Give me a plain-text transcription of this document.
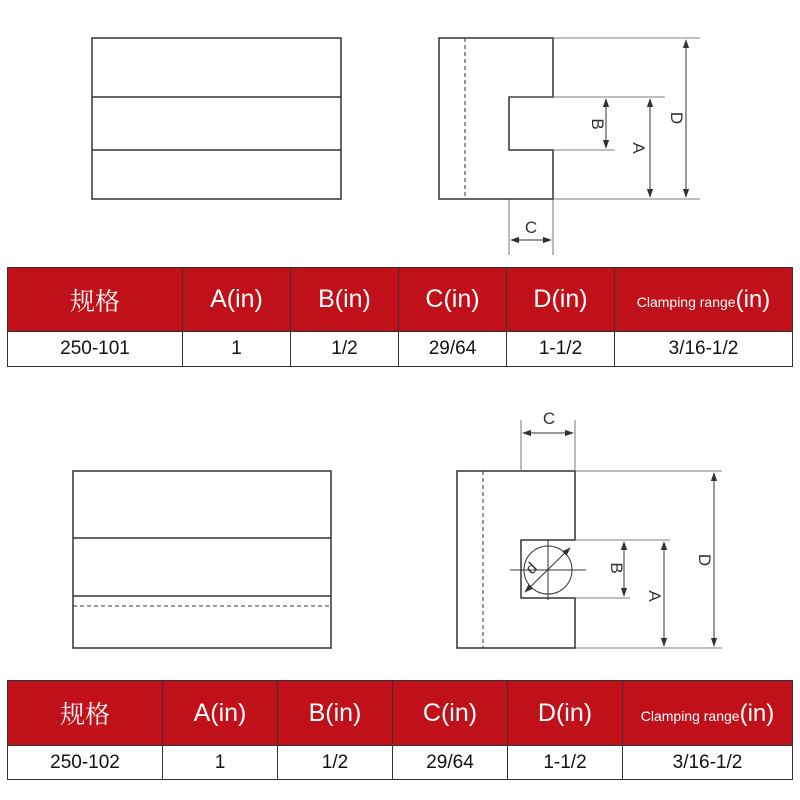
B
A
D
C
规格	A(in)	B(in)	C(in)	D(in)	Clamping range(in)
250-101	1	1/2	29/64	1-1/2	3/16-1/2
d
C
B
A
D
规格	A(in)	B(in)	C(in)	D(in)	Clamping range(in)
250-102	1	1/2	29/64	1-1/2	3/16-1/2
